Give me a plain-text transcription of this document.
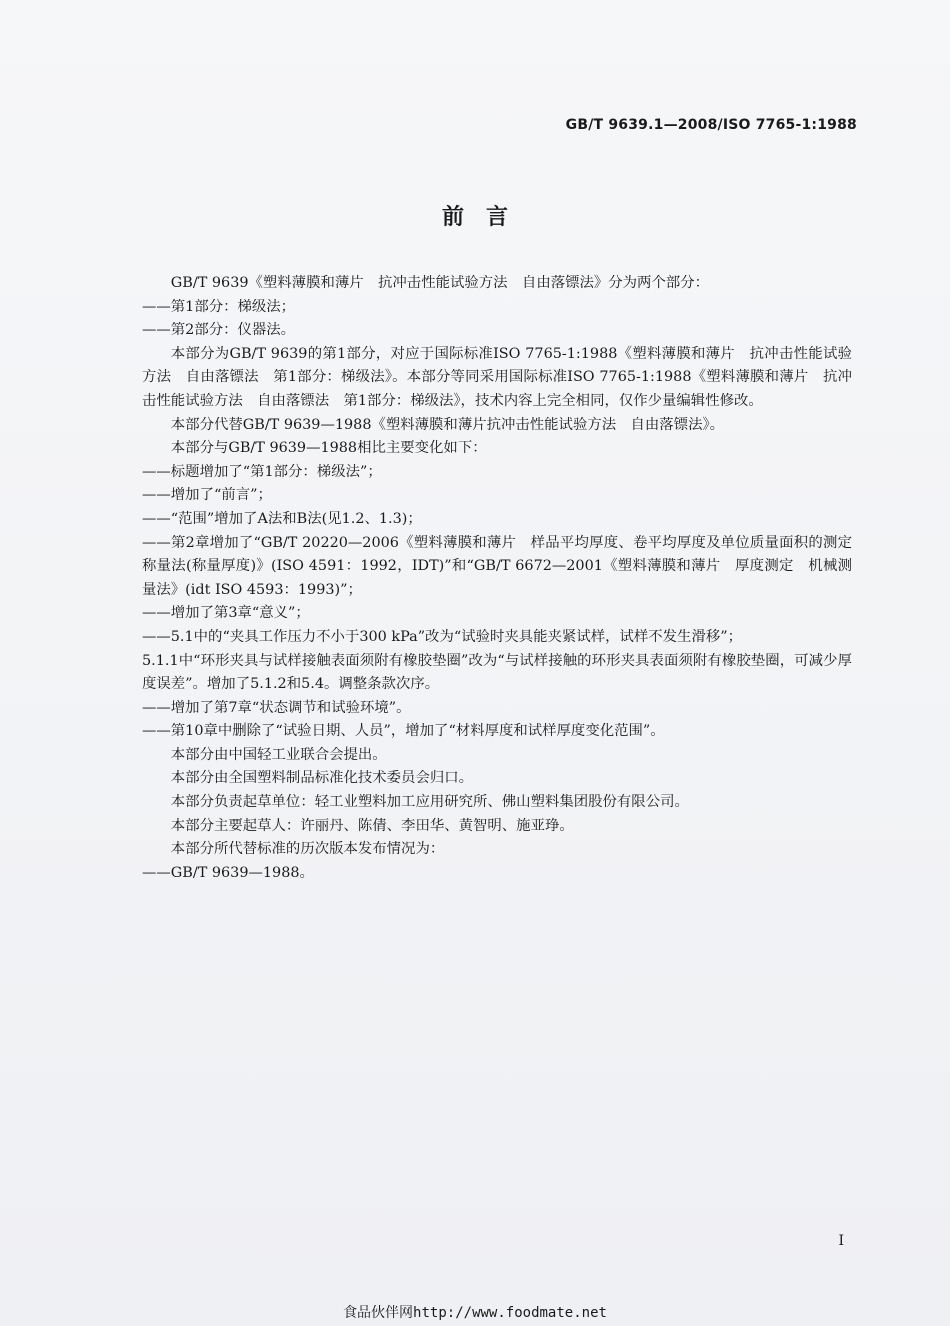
GB/T 9639.1—2008/ISO 7765-1:1988
前言

GB/T 9639《塑料薄膜和薄片　抗冲击性能试验方法　自由落镖法》分为两个部分：

——第1部分：梯级法；

——第2部分：仪器法。

本部分为GB/T 9639的第1部分，对应于国际标准ISO 7765-1:1988《塑料薄膜和薄片　抗冲击性能试验方法　自由落镖法　第1部分：梯级法》。本部分等同采用国际标准ISO 7765-1:1988《塑料薄膜和薄片　抗冲击性能试验方法　自由落镖法　第1部分：梯级法》，技术内容上完全相同，仅作少量编辑性修改。

本部分代替GB/T 9639—1988《塑料薄膜和薄片抗冲击性能试验方法　自由落镖法》。

本部分与GB/T 9639—1988相比主要变化如下：

——标题增加了“第1部分：梯级法”；

——增加了“前言”；

——“范围”增加了A法和B法(见1.2、1.3)；

——第2章增加了“GB/T 20220—2006《塑料薄膜和薄片　样品平均厚度、卷平均厚度及单位质量面积的测定　称量法(称量厚度)》(ISO 4591：1992，IDT)”和“GB/T 6672—2001《塑料薄膜和薄片　厚度测定　机械测量法》(idt ISO 4593：1993)”；

——增加了第3章“意义”；

——5.1中的“夹具工作压力不小于300 kPa”改为“试验时夹具能夹紧试样，试样不发生滑移”；

5.1.1中“环形夹具与试样接触表面须附有橡胶垫圈”改为“与试样接触的环形夹具表面须附有橡胶垫圈，可减少厚度误差”。增加了5.1.2和5.4。调整条款次序。

——增加了第7章“状态调节和试验环境”。

——第10章中删除了“试验日期、人员”，增加了“材料厚度和试样厚度变化范围”。

本部分由中国轻工业联合会提出。

本部分由全国塑料制品标准化技术委员会归口。

本部分负责起草单位：轻工业塑料加工应用研究所、佛山塑料集团股份有限公司。

本部分主要起草人：许丽丹、陈倩、李田华、黄智明、施亚琤。

本部分所代替标准的历次版本发布情况为：

——GB/T 9639—1988。

I
食品伙伴网http://www.foodmate.net
